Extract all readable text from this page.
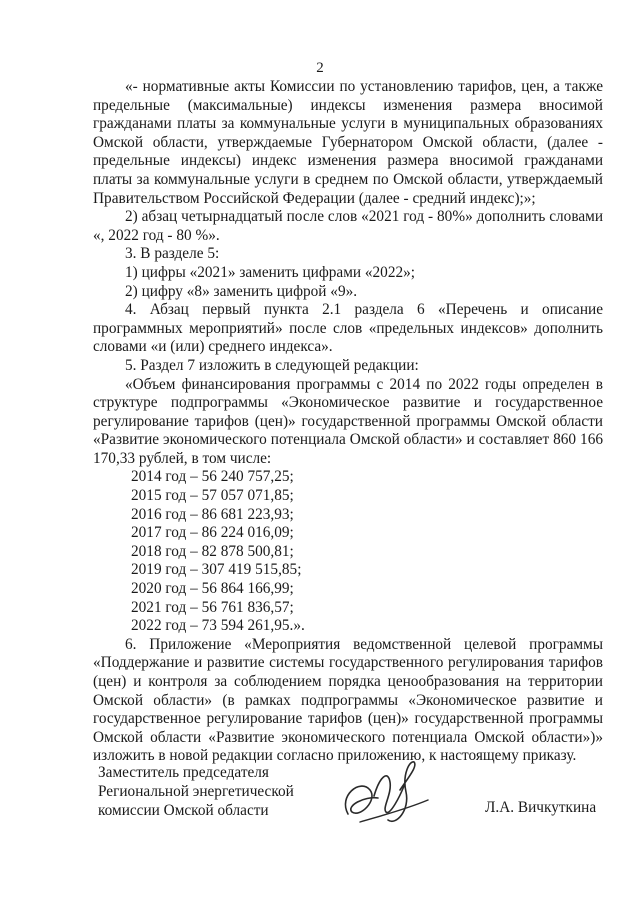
2

«- нормативные акты Комиссии по установлению тарифов, цен, а также предельные (максимальные) индексы изменения размера вносимой гражданами платы за коммунальные услуги в муниципальных образованиях Омской области, утверждаемые Губернатором Омской области, (далее - предельные индексы) индекс изменения размера вносимой гражданами платы за коммунальные услуги в среднем по Омской области, утверждаемый Правительством Российской Федерации (далее - средний индекс);»;

2) абзац четырнадцатый после слов «2021 год - 80%» дополнить словами «, 2022 год - 80 %».

3. В разделе 5:

1) цифры «2021» заменить цифрами «2022»;

2) цифру «8» заменить цифрой «9».

4. Абзац первый пункта 2.1 раздела 6 «Перечень и описание программных мероприятий» после слов «предельных индексов» дополнить словами «и (или) среднего индекса».

5. Раздел 7 изложить в следующей редакции:

«Объем финансирования программы с 2014 по 2022 годы определен в структуре подпрограммы «Экономическое развитие и государственное регулирование тарифов (цен)» государственной программы Омской области «Развитие экономического потенциала Омской области» и составляет 860 166 170,33 рублей, в том числе:

2014 год – 56 240 757,25;
2015 год – 57 057 071,85;
2016 год – 86 681 223,93;
2017 год – 86 224 016,09;
2018 год – 82 878 500,81;
2019 год – 307 419 515,85;
2020 год – 56 864 166,99;
2021 год – 56 761 836,57;
2022 год – 73 594 261,95.».

6. Приложение «Мероприятия ведомственной целевой программы «Поддержание и развитие системы государственного регулирования тарифов (цен) и контроля за соблюдением порядка ценообразования на территории Омской области» (в рамках подпрограммы «Экономическое развитие и государственное регулирование тарифов (цен)» государственной программы Омской области «Развитие экономического потенциала Омской области»)» изложить в новой редакции согласно приложению, к настоящему приказу.

Заместитель председателя
Региональной энергетической
комиссии Омской области	Л.А. Вичкуткина
